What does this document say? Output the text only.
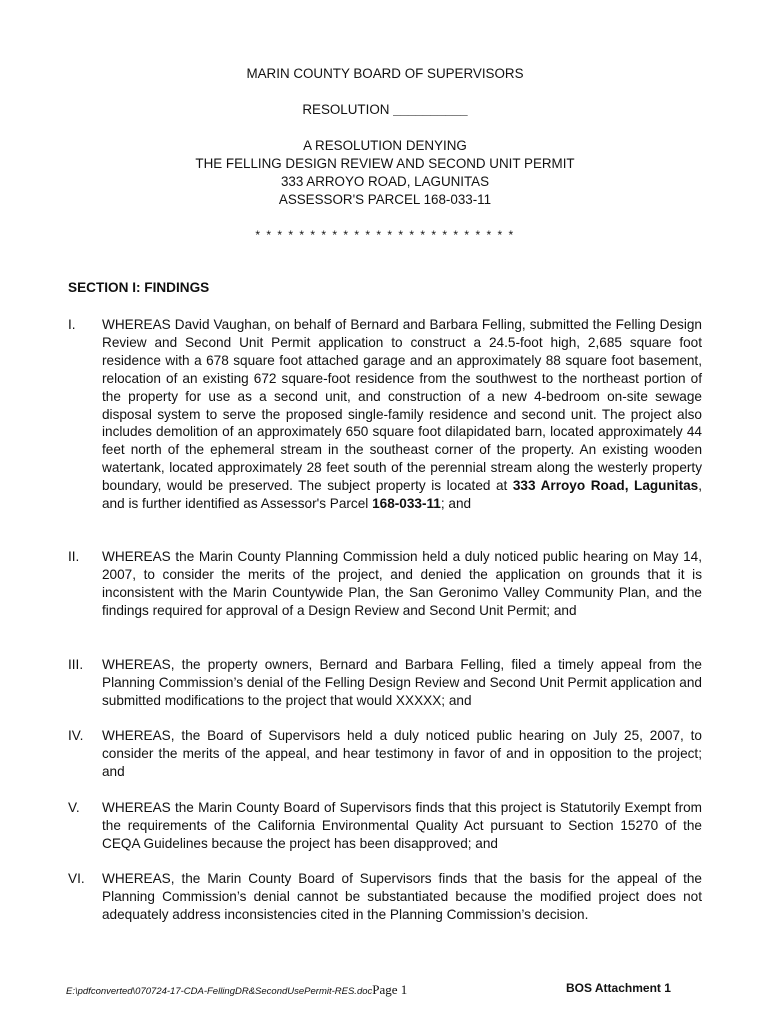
MARIN COUNTY BOARD OF SUPERVISORS
RESOLUTION __________
A RESOLUTION DENYING
THE FELLING DESIGN REVIEW AND SECOND UNIT PERMIT
333 ARROYO ROAD, LAGUNITAS
ASSESSOR'S PARCEL 168-033-11
* * * * * * * * * * * * * * * * * * * * * * * *
SECTION I: FINDINGS
I.	WHEREAS David Vaughan, on behalf of Bernard and Barbara Felling, submitted the Felling Design Review and Second Unit Permit application to construct a 24.5-foot high, 2,685 square foot residence with a 678 square foot attached garage and an approximately 88 square foot basement, relocation of an existing 672 square-foot residence from the southwest to the northeast portion of the property for use as a second unit, and construction of a new 4-bedroom on-site sewage disposal system to serve the proposed single-family residence and second unit. The project also includes demolition of an approximately 650 square foot dilapidated barn, located approximately 44 feet north of the ephemeral stream in the southeast corner of the property. An existing wooden watertank, located approximately 28 feet south of the perennial stream along the westerly property boundary, would be preserved. The subject property is located at 333 Arroyo Road, Lagunitas, and is further identified as Assessor's Parcel 168-033-11; and
II.	WHEREAS the Marin County Planning Commission held a duly noticed public hearing on May 14, 2007, to consider the merits of the project, and denied the application on grounds that it is inconsistent with the Marin Countywide Plan, the San Geronimo Valley Community Plan, and the findings required for approval of a Design Review and Second Unit Permit; and
III.	WHEREAS, the property owners, Bernard and Barbara Felling, filed a timely appeal from the Planning Commission’s denial of the Felling Design Review and Second Unit Permit application and submitted modifications to the project that would XXXXX; and
IV.	WHEREAS, the Board of Supervisors held a duly noticed public hearing on July 25, 2007, to consider the merits of the appeal, and hear testimony in favor of and in opposition to the project; and
V.	WHEREAS the Marin County Board of Supervisors finds that this project is Statutorily Exempt from the requirements of the California Environmental Quality Act pursuant to Section 15270 of the CEQA Guidelines because the project has been disapproved; and
VI.	WHEREAS, the Marin County Board of Supervisors finds that the basis for the appeal of the Planning Commission’s denial cannot be substantiated because the modified project does not adequately address inconsistencies cited in the Planning Commission’s decision.
E:\pdfconverted\070724-17-CDA-FellingDR&SecondUsePermit-RES.docPage 1	BOS Attachment 1
